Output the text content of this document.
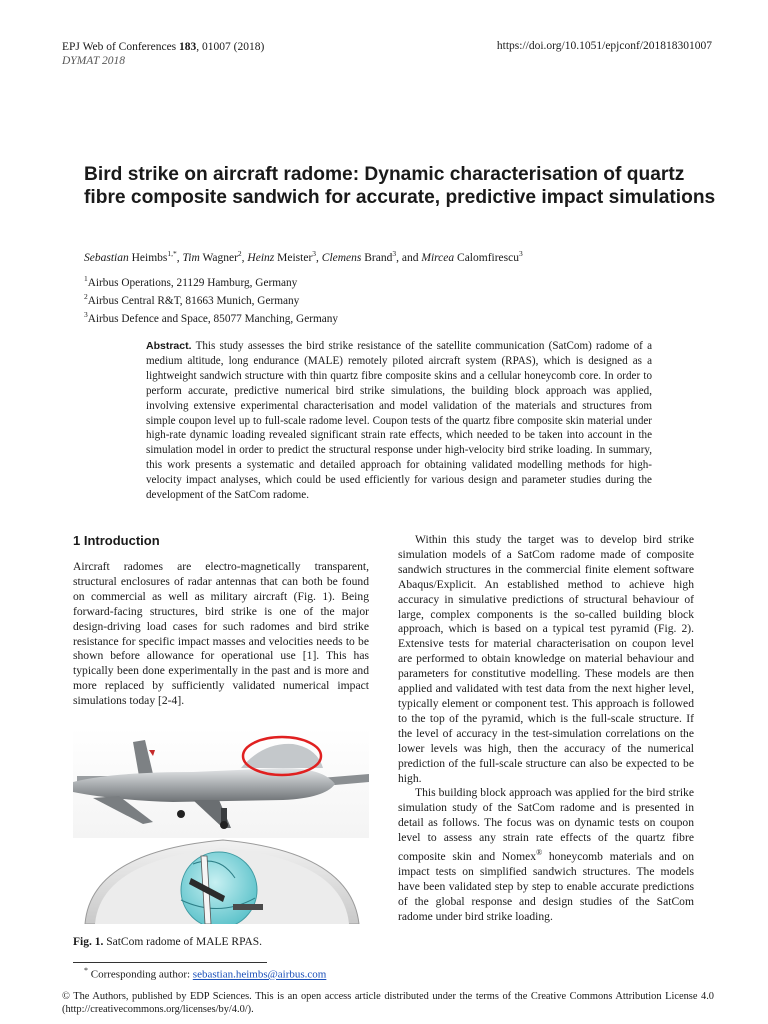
EPJ Web of Conferences 183, 01007 (2018)
DYMAT 2018
https://doi.org/10.1051/epjconf/201818301007
Bird strike on aircraft radome: Dynamic characterisation of quartz fibre composite sandwich for accurate, predictive impact simulations
Sebastian Heimbs$^{1,*}$, Tim Wagner$^2$, Heinz Meister$^3$, Clemens Brand$^3$, and Mircea Calomfirescu$^3$
$^1$Airbus Operations, 21129 Hamburg, Germany
$^2$Airbus Central R&T, 81663 Munich, Germany
$^3$Airbus Defence and Space, 85077 Manching, Germany
Abstract. This study assesses the bird strike resistance of the satellite communication (SatCom) radome of a medium altitude, long endurance (MALE) remotely piloted aircraft system (RPAS), which is designed as a lightweight sandwich structure with thin quartz fibre composite skins and a cellular honeycomb core. In order to perform accurate, predictive numerical bird strike simulations, the building block approach was applied, involving extensive experimental characterisation and model validation of the materials and structures from simple coupon level up to full-scale radome level. Coupon tests of the quartz fibre composite skin material under high-rate dynamic loading revealed significant strain rate effects, which needed to be taken into account in the simulation model in order to predict the structural response under high-velocity bird strike loading. In summary, this work presents a systematic and detailed approach for obtaining validated modelling methods for high-velocity impact analyses, which could be used efficiently for various design and parameter studies during the development of the SatCom radome.
1 Introduction

Aircraft radomes are electro-magnetically transparent, structural enclosures of radar antennas that can both be found on commercial as well as military aircraft (Fig. 1). Being forward-facing structures, bird strike is one of the major design-driving load cases for such radomes and bird strike resistance for specific impact masses and velocities needs to be shown before allowance for operational use [1]. This has typically been done experimentally in the past and is more and more replaced by sufficiently validated numerical impact simulations today [2-4].

Within this study the target was to develop bird strike simulation models of a SatCom radome made of composite sandwich structures in the commercial finite element software Abaqus/Explicit. An established method to achieve high accuracy in simulative predictions of structural behaviour of large, complex components is the so-called building block approach, which is based on a typical test pyramid (Fig. 2). Extensive tests for material characterisation on coupon level are performed to obtain knowledge on material behaviour and parameters for constitutive modelling. These models are then applied and validated with test data from the next higher level, typically element or component test. This approach is followed to the top of the pyramid, which is the full-scale structure. If the level of accuracy in the test-simulation correlations on the lower levels was high, then the accuracy of the numerical prediction of the full-scale structure can also be expected to be high.

This building block approach was applied for the bird strike simulation study of the SatCom radome and is presented in detail as follows. The focus was on dynamic tests on coupon level to assess any strain rate effects of the quartz fibre composite skin and Nomex® honeycomb materials and on impact tests on simplified sandwich structures. The models have been validated step by step to enable accurate predictions of the global response and design studies of the SatCom radome under bird strike loading.

Fig. 1. SatCom radome of MALE RPAS.
* Corresponding author: sebastian.heimbs@airbus.com
© The Authors, published by EDP Sciences. This is an open access article distributed under the terms of the Creative Commons Attribution License 4.0 (http://creativecommons.org/licenses/by/4.0/).
